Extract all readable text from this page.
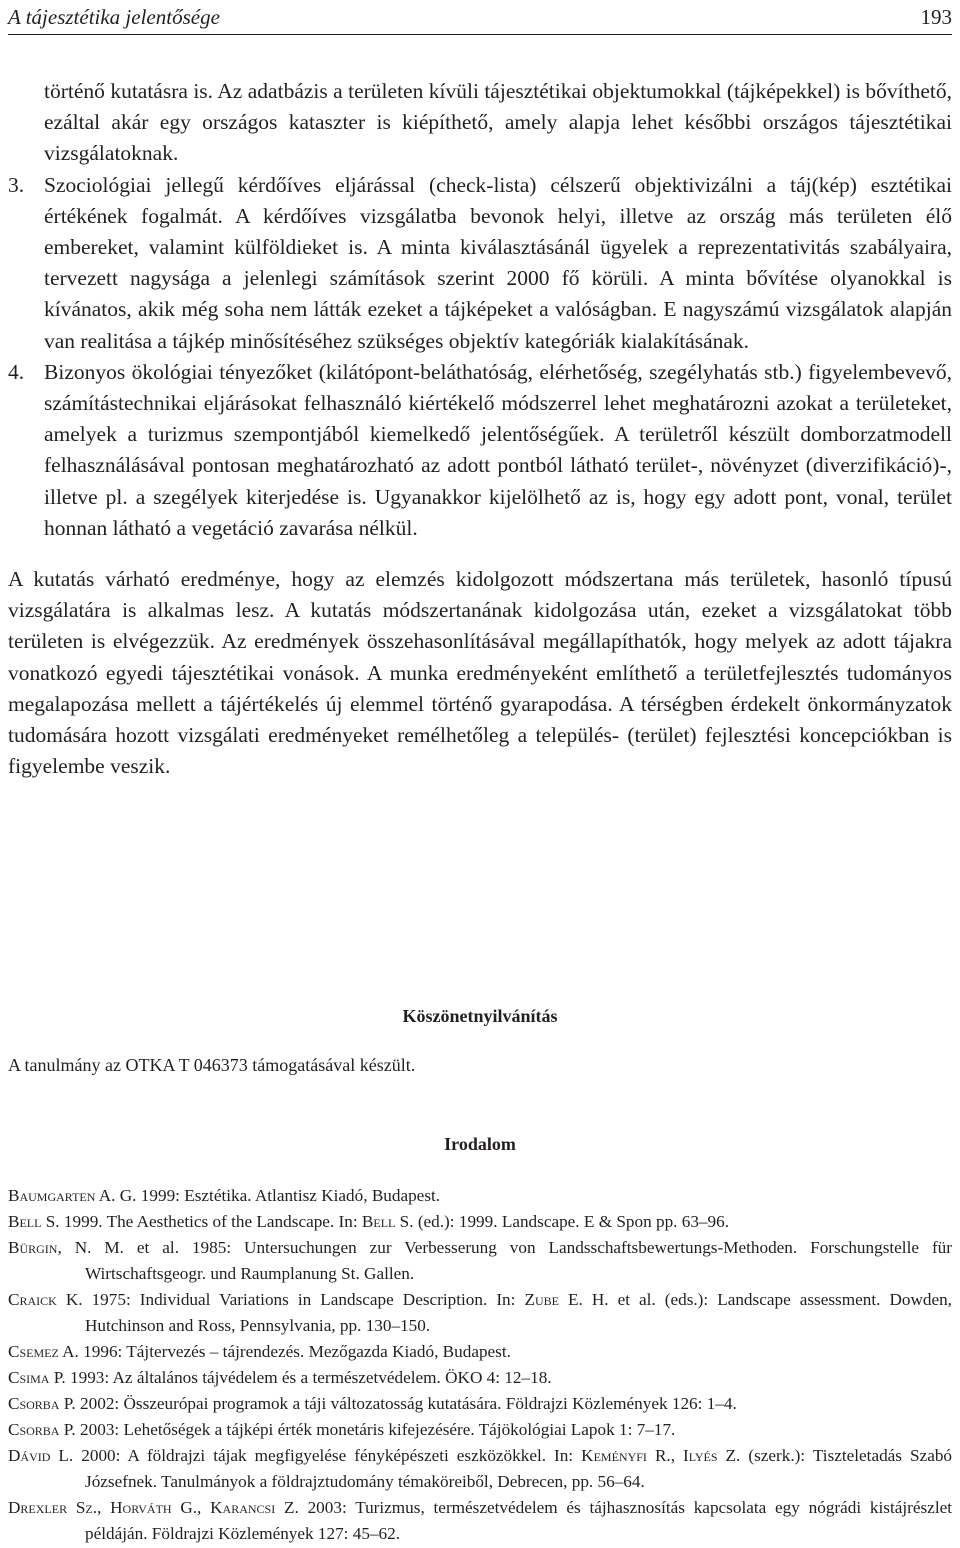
A tájesztétika jelentősége	193

történő kutatásra is. Az adatbázis a területen kívüli tájesztétikai objektumokkal (tájképekkel) is bővíthető, ezáltal akár egy országos kataszter is kiépíthető, amely alapja lehet későbbi országos tájesztétikai vizsgálatoknak.

3. Szociológiai jellegű kérdőíves eljárással (check-lista) célszerű objektivizálni a táj(kép) esztétikai értékének fogalmát. A kérdőíves vizsgálatba bevonok helyi, illetve az ország más területen élő embereket, valamint külföldieket is. A minta kiválasztásánál ügyelek a reprezentativitás szabályaira, tervezett nagysága a jelenlegi számítások szerint 2000 fő körüli. A minta bővítése olyanokkal is kívánatos, akik még soha nem látták ezeket a tájképeket a valóságban. E nagyszámú vizsgálatok alapján van realitása a tájkép minősítéséhez szükséges objektív kategóriák kialakításának.

4. Bizonyos ökológiai tényezőket (kilátópont-beláthatóság, elérhetőség, szegélyhatás stb.) figyelembevevő, számítástechnikai eljárásokat felhasználó kiértékelő módszerrel lehet meghatározni azokat a területeket, amelyek a turizmus szempontjából kiemelkedő jelentőségűek. A területről készült domborzatmodell felhasználásával pontosan meghatározható az adott pontból látható terület-, növényzet (diverzifikáció)-, illetve pl. a szegélyek kiterjedése is. Ugyanakkor kijelölhető az is, hogy egy adott pont, vonal, terület honnan látható a vegetáció zavarása nélkül.

A kutatás várható eredménye, hogy az elemzés kidolgozott módszertana más területek, hasonló típusú vizsgálatára is alkalmas lesz. A kutatás módszertanának kidolgozása után, ezeket a vizsgálatokat több területen is elvégezzük. Az eredmények összehasonlításával megállapíthatók, hogy melyek az adott tájakra vonatkozó egyedi tájesztétikai vonások. A munka eredményeként említhető a területfejlesztés tudományos megalapozása mellett a tájértékelés új elemmel történő gyarapodása. A térségben érdekelt önkormányzatok tudomására hozott vizsgálati eredményeket remélhetőleg a település- (terület) fejlesztési koncepciókban is figyelembe veszik.

Köszönetnyilvánítás

A tanulmány az OTKA T 046373 támogatásával készült.

Irodalom
Baumgarten A. G. 1999: Esztétika. Atlantisz Kiadó, Budapest.
Bell S. 1999. The Aesthetics of the Landscape. In: Bell S. (ed.): 1999. Landscape. E & Spon pp. 63–96.
Bürgin, N. M. et al. 1985: Untersuchungen zur Verbesserung von Landsschaftsbewertungs-Methoden. Forschungstelle für Wirtschaftsgeogr. und Raumplanung St. Gallen.
Craick K. 1975: Individual Variations in Landscape Description. In: Zube E. H. et al. (eds.): Landscape assessment. Dowden, Hutchinson and Ross, Pennsylvania, pp. 130–150.
Csemez A. 1996: Tájtervezés – tájrendezés. Mezőgazda Kiadó, Budapest.
Csima P. 1993: Az általános tájvédelem és a természetvédelem. ÖKO 4: 12–18.
Csorba P. 2002: Összeurópai programok a táji változatosság kutatására. Földrajzi Közlemények 126: 1–4.
Csorba P. 2003: Lehetőségek a tájképi érték monetáris kifejezésére. Tájökológiai Lapok 1: 7–17.
Dávid L. 2000: A földrajzi tájak megfigyelése fényképészeti eszközökkel. In: Keményfi R., Ilyés Z. (szerk.): Tiszteletadás Szabó Józsefnek. Tanulmányok a földrajztudomány témaköreiből, Debrecen, pp. 56–64.
Drexler Sz., Horváth G., Karancsi Z. 2003: Turizmus, természetvédelem és tájhasznosítás kapcsolata egy nógrádi kistájrészlet példáján. Földrajzi Közlemények 127: 45–62.
